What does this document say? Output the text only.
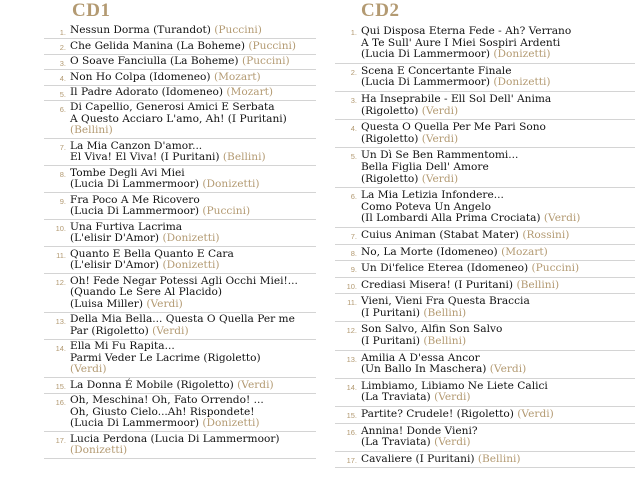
CD1
1. Nessun Dorma (Turandot) (Puccini)
2. Che Gelida Manina (La Boheme) (Puccini)
3. O Soave Fanciulla (La Boheme) (Puccini)
4. Non Ho Colpa (Idomeneo) (Mozart)
5. Il Padre Adorato (Idomeneo) (Mozart)
6. Di Capellio, Generosi Amici E Serbata
A Questo Acciaro L'amo, Ah! (I Puritani)
(Bellini)
7. La Mia Canzon D'amor...
El Viva! El Viva! (I Puritani) (Bellini)
8. Tombe Degli Avi Miei
(Lucia Di Lammermoor) (Donizetti)
9. Fra Poco A Me Ricovero
(Lucia Di Lammermoor) (Puccini)
10. Una Furtiva Lacrima
(L'elisir D'Amor) (Donizetti)
11. Quanto E Bella Quanto E Cara
(L'elisir D'Amor) (Donizetti)
12. Oh! Fede Negar Potessi Agli Occhi Miei!...
(Quando Le Sere Al Placido)
(Luisa Miller) (Verdi)
13. Della Mia Bella... Questa O Quella Per me
Par (Rigoletto) (Verdi)
14. Ella Mi Fu Rapita...
Parmi Veder Le Lacrime (Rigoletto)
(Verdi)
15. La Donna É Mobile (Rigoletto) (Verdi)
16. Oh, Meschina! Oh, Fato Orrendo! ...
Oh, Giusto Cielo...Ah! Rispondete!
(Lucia Di Lammermoor) (Donizetti)
17. Lucia Perdona (Lucia Di Lammermoor)
(Donizetti)
CD2
1. Qui Disposa Eterna Fede - Ah? Verrano
A Te Sull' Aure I Miei Sospiri Ardenti
(Lucia Di Lammermoor) (Donizetti)
2. Scena E Concertante Finale
(Lucia Di Lammermoor) (Donizetti)
3. Ha Inseprabile - Ell Sol Dell' Anima
(Rigoletto) (Verdi)
4. Questa O Quella Per Me Pari Sono
(Rigoletto) (Verdi)
5. Un Dì Se Ben Rammentomi...
Bella Figlia Dell' Amore
(Rigoletto) (Verdi)
6. La Mia Letizia Infondere...
Como Poteva Un Angelo
(Il Lombardi Alla Prima Crociata) (Verdi)
7. Cuius Animan (Stabat Mater) (Rossini)
8. No, La Morte (Idomeneo) (Mozart)
9. Un Di'felice Eterea (Idomeneo) (Puccini)
10. Crediasi Misera! (I Puritani) (Bellini)
11. Vieni, Vieni Fra Questa Braccia
(I Puritani) (Bellini)
12. Son Salvo, Alfin Son Salvo
(I Puritani) (Bellini)
13. Amilia A D'essa Ancor
(Un Ballo In Maschera) (Verdi)
14. Limbiamo, Libiamo Ne Liete Calici
(La Traviata) (Verdi)
15. Partite? Crudele! (Rigoletto) (Verdi)
16. Annina! Donde Vieni?
(La Traviata) (Verdi)
17. Cavaliere (I Puritani) (Bellini)
